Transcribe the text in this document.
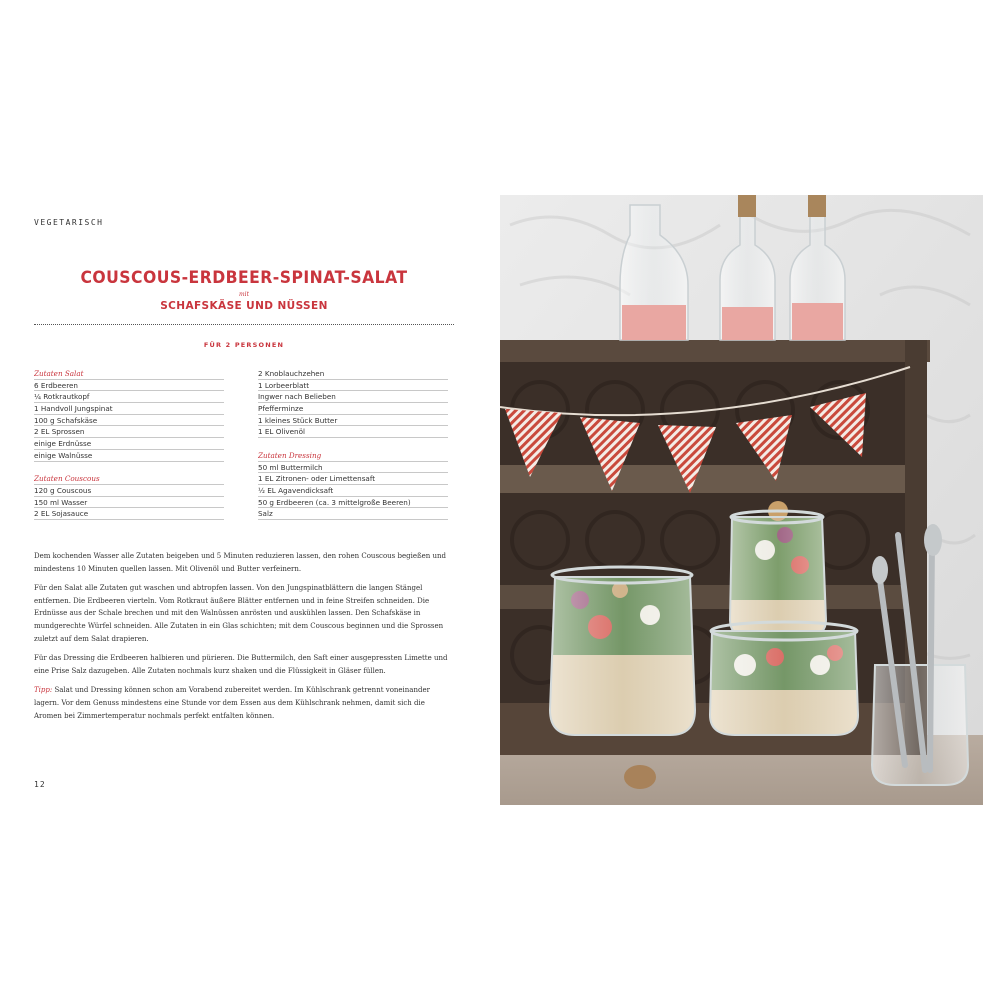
VEGETARISCH
COUSCOUS-ERDBEER-SPINAT-SALAT
mit
SCHAFSKÄSE UND NÜSSEN
FÜR 2 PERSONEN
Zutaten Salat
6 Erdbeeren
¼ Rotkrautkopf
1 Handvoll Jungspinat
100 g Schafskäse
2 EL Sprossen
einige Erdnüsse
einige Walnüsse
Zutaten Couscous
120 g Couscous
150 ml Wasser
2 EL Sojasauce
2 Knoblauchzehen
1 Lorbeerblatt
Ingwer nach Belieben
Pfefferminze
1 kleines Stück Butter
1 EL Olivenöl
Zutaten Dressing
50 ml Buttermilch
1 EL Zitronen- oder Limettensaft
½ EL Agavendicksaft
50 g Erdbeeren (ca. 3 mittelgroße Beeren)
Salz

Dem kochenden Wasser alle Zutaten beigeben und 5 Minuten reduzieren lassen, den rohen Couscous begießen und mindestens 10 Minuten quellen lassen. Mit Olivenöl und Butter verfeinern.

Für den Salat alle Zutaten gut waschen und abtropfen lassen. Von den Jungspinatblättern die langen Stängel entfernen. Die Erdbeeren vierteln. Vom Rotkraut äußere Blätter entfernen und in feine Streifen schneiden. Die Erdnüsse aus der Schale brechen und mit den Walnüssen anrösten und auskühlen lassen. Den Schafskäse in mundgerechte Würfel schneiden. Alle Zutaten in ein Glas schichten; mit dem Couscous beginnen und die Sprossen zuletzt auf dem Salat drapieren.

Für das Dressing die Erdbeeren halbieren und pürieren. Die Buttermilch, den Saft einer ausgepressten Limette und eine Prise Salz dazugeben. Alle Zutaten nochmals kurz shaken und die Flüssigkeit in Gläser füllen.

Tipp: Salat und Dressing können schon am Vorabend zubereitet werden. Im Kühlschrank getrennt voneinander lagern. Vor dem Genuss mindestens eine Stunde vor dem Essen aus dem Kühlschrank nehmen, damit sich die Aromen bei Zimmertemperatur nochmals perfekt entfalten können.

12
